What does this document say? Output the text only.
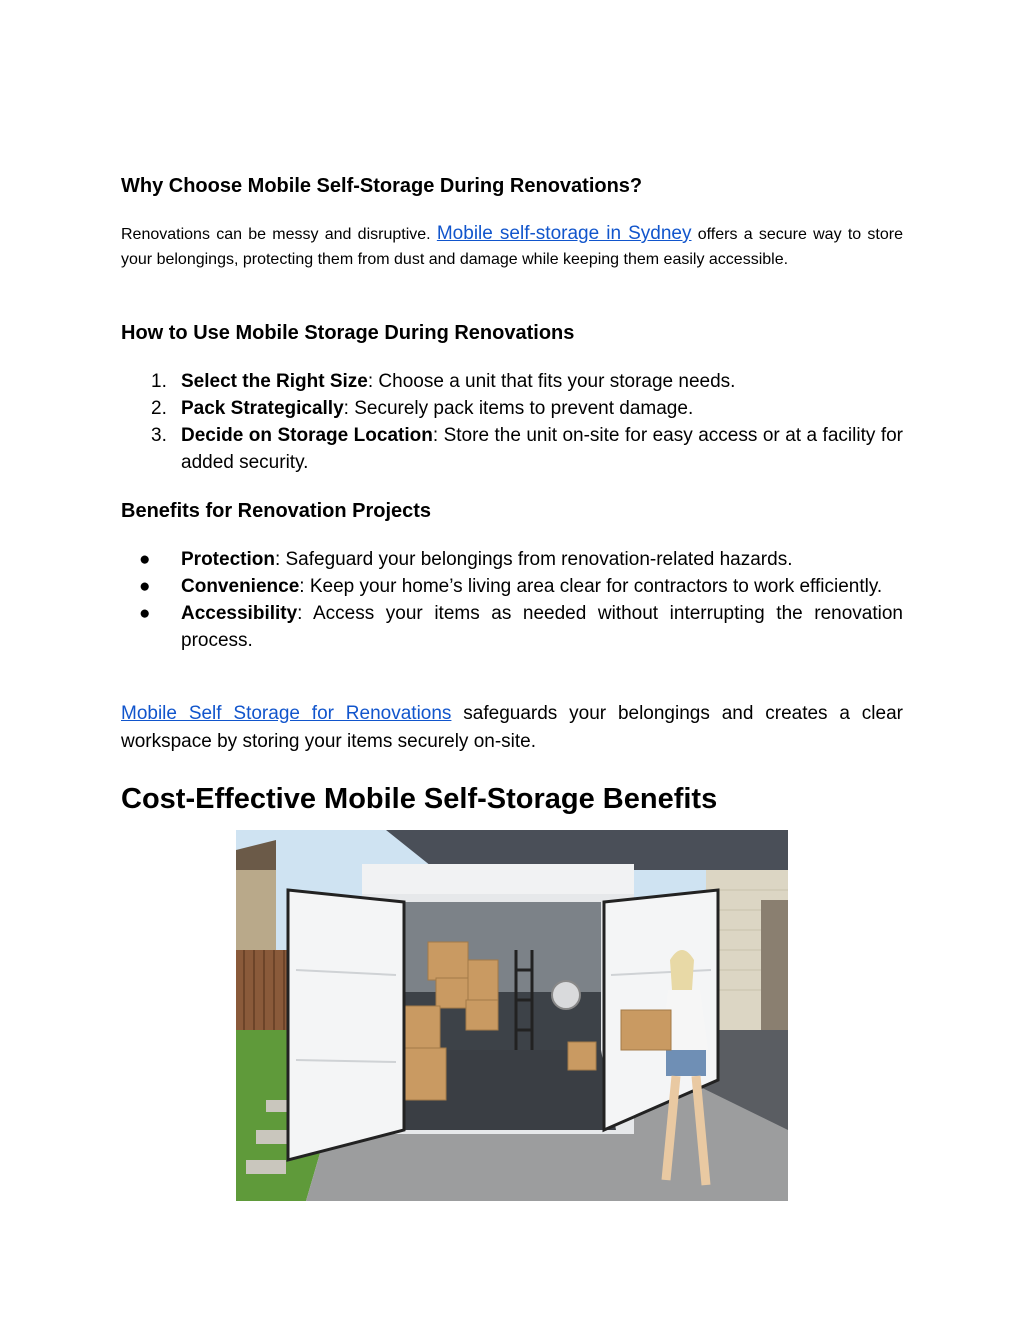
Why Choose Mobile Self-Storage During Renovations?

Renovations can be messy and disruptive. Mobile self-storage in Sydney offers a secure way to store your belongings, protecting them from dust and damage while keeping them easily accessible.

How to Use Mobile Storage During Renovations
1. Select the Right Size: Choose a unit that fits your storage needs.
2. Pack Strategically: Securely pack items to prevent damage.
3. Decide on Storage Location: Store the unit on-site for easy access or at a facility for added security.
Benefits for Renovation Projects
● Protection: Safeguard your belongings from renovation-related hazards.
● Convenience: Keep your home’s living area clear for contractors to work efficiently.
● Accessibility: Access your items as needed without interrupting the renovation process.

Mobile Self Storage for Renovations safeguards your belongings and creates a clear workspace by storing your items securely on-site.

Cost-Effective Mobile Self-Storage Benefits
